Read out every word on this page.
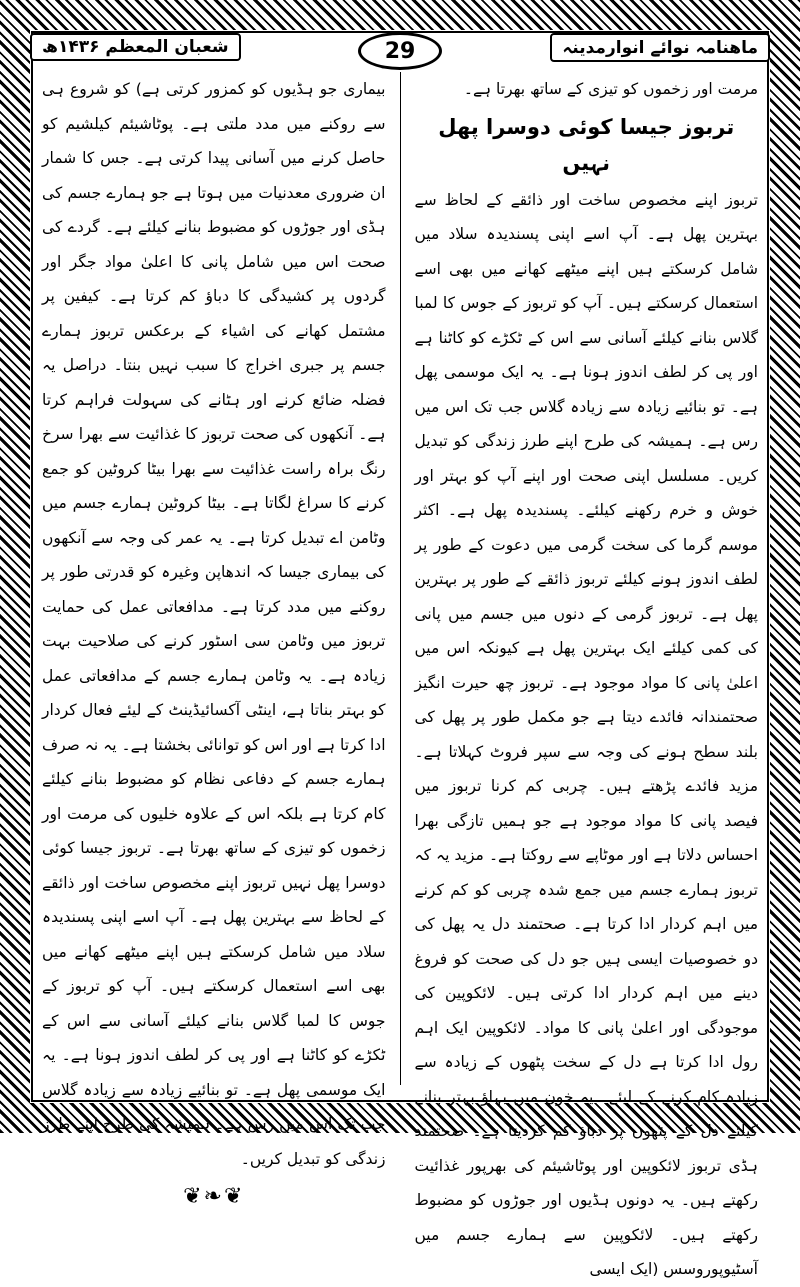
شعبان المعظم ۱۴۳۶ھ	29	ماھنامہ نوائے انوارمدینہ

مرمت اور زخموں کو تیزی کے ساتھ بھرتا ہے۔

تربوز جیسا کوئی دوسرا پھل نہیں

تربوز اپنے مخصوص ساخت اور ذائقے کے لحاظ سے بہترین پھل ہے۔ آپ اسے اپنی پسندیدہ سلاد میں شامل کرسکتے ہیں اپنے میٹھے کھانے میں بھی اسے استعمال کرسکتے ہیں۔ آپ کو تربوز کے جوس کا لمبا گلاس بنانے کیلئے آسانی سے اس کے ٹکڑے کو کاٹنا ہے اور پی کر لطف اندوز ہونا ہے۔ یہ ایک موسمی پھل ہے۔ تو بنائیے زیادہ سے زیادہ گلاس جب تک اس میں رس ہے۔ ہمیشہ کی طرح اپنے طرز زندگی کو تبدیل کریں۔ مسلسل اپنی صحت اور اپنے آپ کو بہتر اور خوش و خرم رکھنے کیلئے۔ پسندیدہ پھل ہے۔ اکثر موسم گرما کی سخت گرمی میں دعوت کے طور پر لطف اندوز ہونے کیلئے تربوز ذائقے کے طور پر بہترین پھل ہے۔ تربوز گرمی کے دنوں میں جسم میں پانی کی کمی کیلئے ایک بہترین پھل ہے کیونکہ اس میں اعلیٰ پانی کا مواد موجود ہے۔ تربوز چھ حیرت انگیز صحتمندانہ فائدے دیتا ہے جو مکمل طور پر پھل کی بلند سطح ہونے کی وجہ سے سپر فروٹ کہلاتا ہے۔ مزید فائدے پڑھتے ہیں۔ چربی کم کرنا تربوز میں فیصد پانی کا مواد موجود ہے جو ہمیں تازگی بھرا احساس دلاتا ہے اور موٹاپے سے روکتا ہے۔ مزید یہ کہ تربوز ہمارے جسم میں جمع شدہ چربی کو کم کرنے میں اہم کردار ادا کرتا ہے۔ صحتمند دل یہ پھل کی دو خصوصیات ایسی ہیں جو دل کی صحت کو فروغ دینے میں اہم کردار ادا کرتی ہیں۔ لائکوپین کی موجودگی اور اعلیٰ پانی کا مواد۔ لائکوپین ایک اہم رول ادا کرتا ہے دل کے سخت پٹھوں کے زیادہ سے زیادہ کام کرنے کے لیئے۔ یہ خون میں بہاؤ بہتر بنانے کیلئے دل کے پٹھوں پر دباؤ کم کردیتا ہے۔ صحتمند ہڈی تربوز لائکوپین اور پوٹاشیئم کی بھرپور غذائیت رکھتے ہیں۔ یہ دونوں ہڈیوں اور جوڑوں کو مضبوط رکھتے ہیں۔ لائکوپین سے ہمارے جسم میں آسٹیوپوروسس (ایک ایسی

بیماری جو ہڈیوں کو کمزور کرتی ہے) کو شروع ہی سے روکنے میں مدد ملتی ہے۔ پوٹاشیئم کیلشیم کو حاصل کرنے میں آسانی پیدا کرتی ہے۔ جس کا شمار ان ضروری معدنیات میں ہوتا ہے جو ہمارے جسم کی ہڈی اور جوڑوں کو مضبوط بنانے کیلئے ہے۔ گردے کی صحت اس میں شامل پانی کا اعلیٰ مواد جگر اور گردوں پر کشیدگی کا دباؤ کم کرتا ہے۔ کیفین پر مشتمل کھانے کی اشیاء کے برعکس تربوز ہمارے جسم پر جبری اخراج کا سبب نہیں بنتا۔ دراصل یہ فضلہ ضائع کرنے اور ہٹانے کی سہولت فراہم کرتا ہے۔ آنکھوں کی صحت تربوز کا غذائیت سے بھرا سرخ رنگ براہ راست غذائیت سے بھرا بیٹا کروٹین کو جمع کرنے کا سراغ لگاتا ہے۔ بیٹا کروٹین ہمارے جسم میں وٹامن اے تبدیل کرتا ہے۔ یہ عمر کی وجہ سے آنکھوں کی بیماری جیسا کہ اندھاپن وغیرہ کو قدرتی طور پر روکنے میں مدد کرتا ہے۔ مدافعاتی عمل کی حمایت تربوز میں وٹامن سی اسٹور کرنے کی صلاحیت بہت زیادہ ہے۔ یہ وٹامن ہمارے جسم کے مدافعاتی عمل کو بہتر بناتا ہے، اینٹی آکسائیڈینٹ کے لیئے فعال کردار ادا کرتا ہے اور اس کو توانائی بخشتا ہے۔ یہ نہ صرف ہمارے جسم کے دفاعی نظام کو مضبوط بنانے کیلئے کام کرتا ہے بلکہ اس کے علاوہ خلیوں کی مرمت اور زخموں کو تیزی کے ساتھ بھرتا ہے۔ تربوز جیسا کوئی دوسرا پھل نہیں تربوز اپنے مخصوص ساخت اور ذائقے کے لحاظ سے بہترین پھل ہے۔ آپ اسے اپنی پسندیدہ سلاد میں شامل کرسکتے ہیں اپنے میٹھے کھانے میں بھی اسے استعمال کرسکتے ہیں۔ آپ کو تربوز کے جوس کا لمبا گلاس بنانے کیلئے آسانی سے اس کے ٹکڑے کو کاٹنا ہے اور پی کر لطف اندوز ہونا ہے۔ یہ ایک موسمی پھل ہے۔ تو بنائیے زیادہ سے زیادہ گلاس جب تک اس میں رس ہے۔ ہمیشہ کی طرح اپنے طرز زندگی کو تبدیل کریں۔

❦❧❦
